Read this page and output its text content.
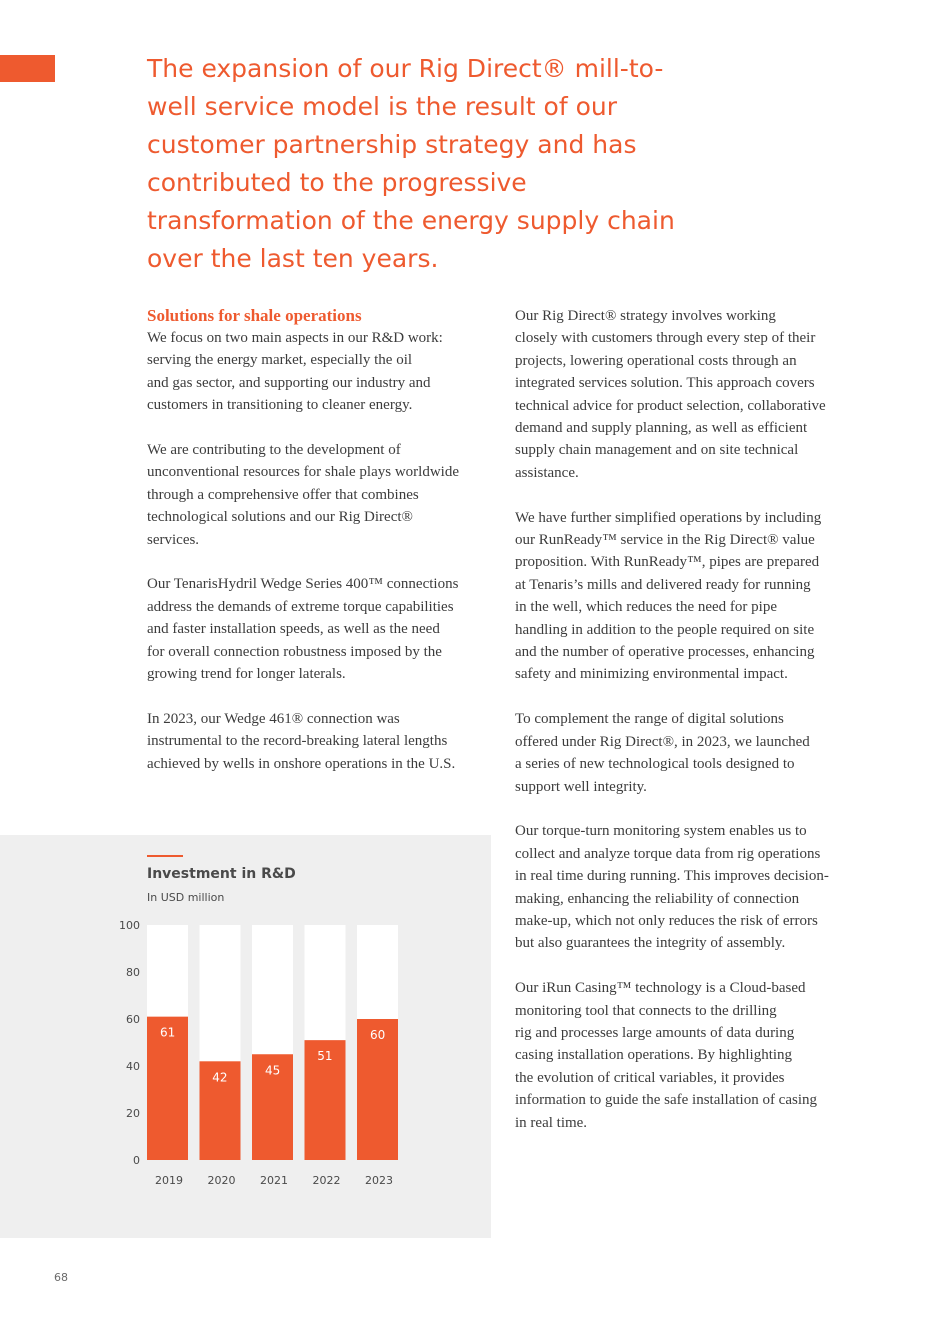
The expansion of our Rig Direct® mill-to-well service model is the result of our customer partnership strategy and has contributed to the progressive transformation of the energy supply chain over the last ten years.
Solutions for shale operations

We focus on two main aspects in our R&D work:
serving the energy market, especially the oil
and gas sector, and supporting our industry and
customers in transitioning to cleaner energy.

We are contributing to the development of
unconventional resources for shale plays worldwide
through a comprehensive offer that combines
technological solutions and our Rig Direct®
services.

Our TenarisHydril Wedge Series 400™ connections
address the demands of extreme torque capabilities
and faster installation speeds, as well as the need
for overall connection robustness imposed by the
growing trend for longer laterals.

In 2023, our Wedge 461® connection was
instrumental to the record-breaking lateral lengths
achieved by wells in onshore operations in the U.S.

Our Rig Direct® strategy involves working
closely with customers through every step of their
projects, lowering operational costs through an
integrated services solution. This approach covers
technical advice for product selection, collaborative
demand and supply planning, as well as efficient
supply chain management and on site technical
assistance.

We have further simplified operations by including
our RunReady™ service in the Rig Direct® value
proposition. With RunReady™, pipes are prepared
at Tenaris’s mills and delivered ready for running
in the well, which reduces the need for pipe
handling in addition to the people required on site
and the number of operative processes, enhancing
safety and minimizing environmental impact.

To complement the range of digital solutions
offered under Rig Direct®, in 2023, we launched
a series of new technological tools designed to
support well integrity.

Our torque-turn monitoring system enables us to
collect and analyze torque data from rig operations
in real time during running. This improves decision-
making, enhancing the reliability of connection
make-up, which not only reduces the risk of errors
but also guarantees the integrity of assembly.

Our iRun Casing™ technology is a Cloud-based
monitoring tool that connects to the drilling
rig and processes large amounts of data during
casing installation operations. By highlighting
the evolution of critical variables, it provides
information to guide the safe installation of casing
in real time.

Investment in R&D
In USD million
0
20
40
60
80
100
61
2019
42
2020
45
2021
51
2022
60
2023
68
